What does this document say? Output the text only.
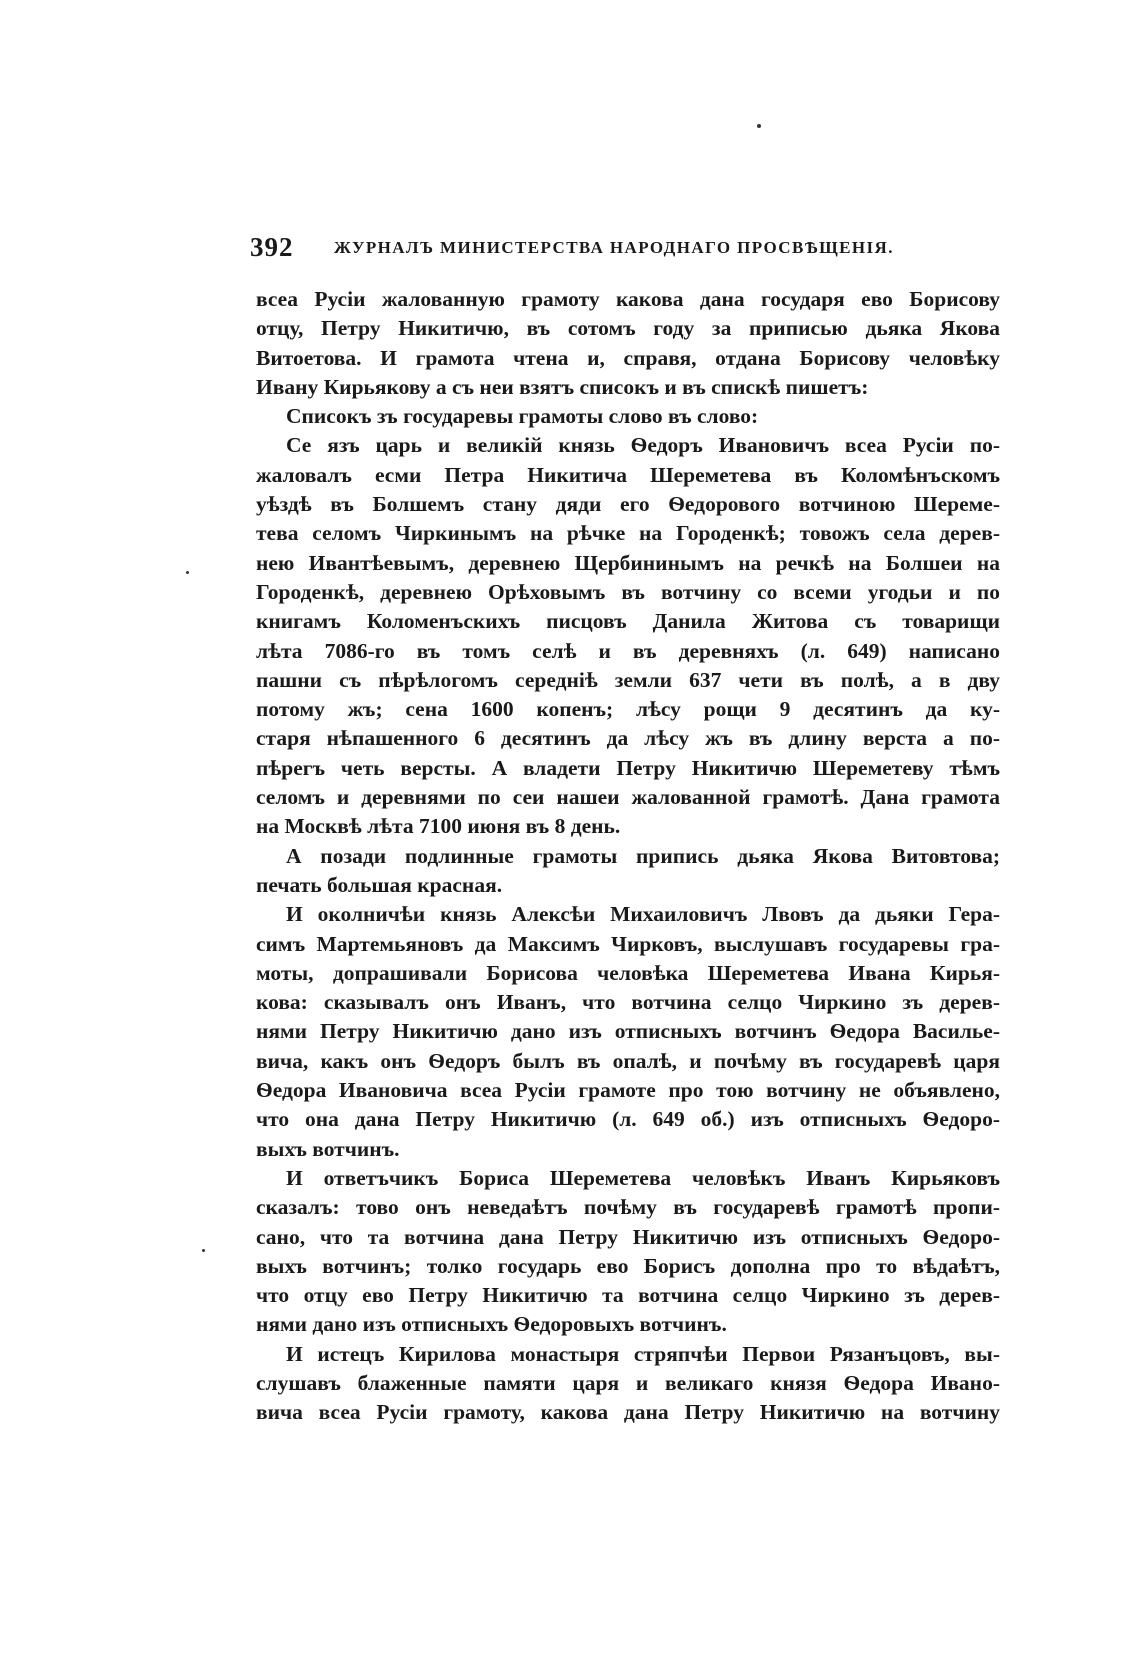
392 ЖУРНАЛЪ МИНИСТЕРСТВА НАРОДНАГО ПРОСВѢЩЕНІЯ.
всеа Русіи жалованную грамоту какова дана государя ево Борисову
отцу, Петру Никитичю, въ сотомъ году за приписью дьяка Якова
Витоетова. И грамота чтена и, справя, отдана Борисову человѣку
Ивану Кирьякову а съ неи взятъ списокъ и въ спискѣ пишетъ:
Списокъ зъ государевы грамоты слово въ слово:
Се язъ царь и великій князь Ѳедоръ Ивановичъ всеа Русіи по-
жаловалъ есми Петра Никитича Шереметева въ Коломѣнъскомъ
уѣздѣ въ Болшемъ стану дяди его Ѳедорового вотчиною Шереме-
тева селомъ Чиркинымъ на рѣчке на Городенкѣ; товожъ села дерев-
нею Ивантѣевымъ, деревнею Щербининымъ на речкѣ на Болшеи на
Городенкѣ, деревнею Орѣховымъ въ вотчину со всеми угодьи и по
книгамъ Коломенъскихъ писцовъ Данила Житова съ товарищи
лѣта 7086-го въ томъ селѣ и въ деревняхъ (л. 649) написано
пашни съ пѣрѣлогомъ середніѣ земли 637 чети въ полѣ, а в дву
потому жъ; сена 1600 копенъ; лѣсу рощи 9 десятинъ да ку-
старя нѣпашенного 6 десятинъ да лѣсу жъ въ длину верста а по-
пѣрегъ четь версты. А владети Петру Никитичю Шереметеву тѣмъ
селомъ и деревнями по сеи нашеи жалованной грамотѣ. Дана грамота
на Москвѣ лѣта 7100 июня въ 8 день.
А позади подлинные грамоты припись дьяка Якова Витовтова;
печать большая красная.
И околничѣи князь Алексѣи Михаиловичъ Лвовъ да дьяки Гера-
симъ Мартемьяновъ да Максимъ Чирковъ, выслушавъ государевы гра-
моты, допрашивали Борисова человѣка Шереметева Ивана Кирья-
кова: сказывалъ онъ Иванъ, что вотчина селцо Чиркино зъ дерев-
нями Петру Никитичю дано изъ отписныхъ вотчинъ Ѳедора Василье-
вича, какъ онъ Ѳедоръ былъ въ опалѣ, и почѣму въ государевѣ царя
Ѳедора Ивановича всеа Русіи грамоте про тою вотчину не объявлено,
что она дана Петру Никитичю (л. 649 об.) изъ отписныхъ Ѳедоро-
выхъ вотчинъ.
И ответъчикъ Бориса Шереметева человѣкъ Иванъ Кирьяковъ
сказалъ: тово онъ неведаѣтъ почѣму въ государевѣ грамотѣ пропи-
сано, что та вотчина дана Петру Никитичю изъ отписныхъ Ѳедоро-
выхъ вотчинъ; толко государь ево Борисъ дополна про то вѣдаѣтъ,
что отцу ево Петру Никитичю та вотчина селцо Чиркино зъ дерев-
нями дано изъ отписныхъ Ѳедоровыхъ вотчинъ.
И истецъ Кирилова монастыря стряпчѣи Первои Рязанъцовъ, вы-
слушавъ блаженные памяти царя и великаго князя Ѳедора Ивано-
вича всеа Русіи грамоту, какова дана Петру Никитичю на вотчину
